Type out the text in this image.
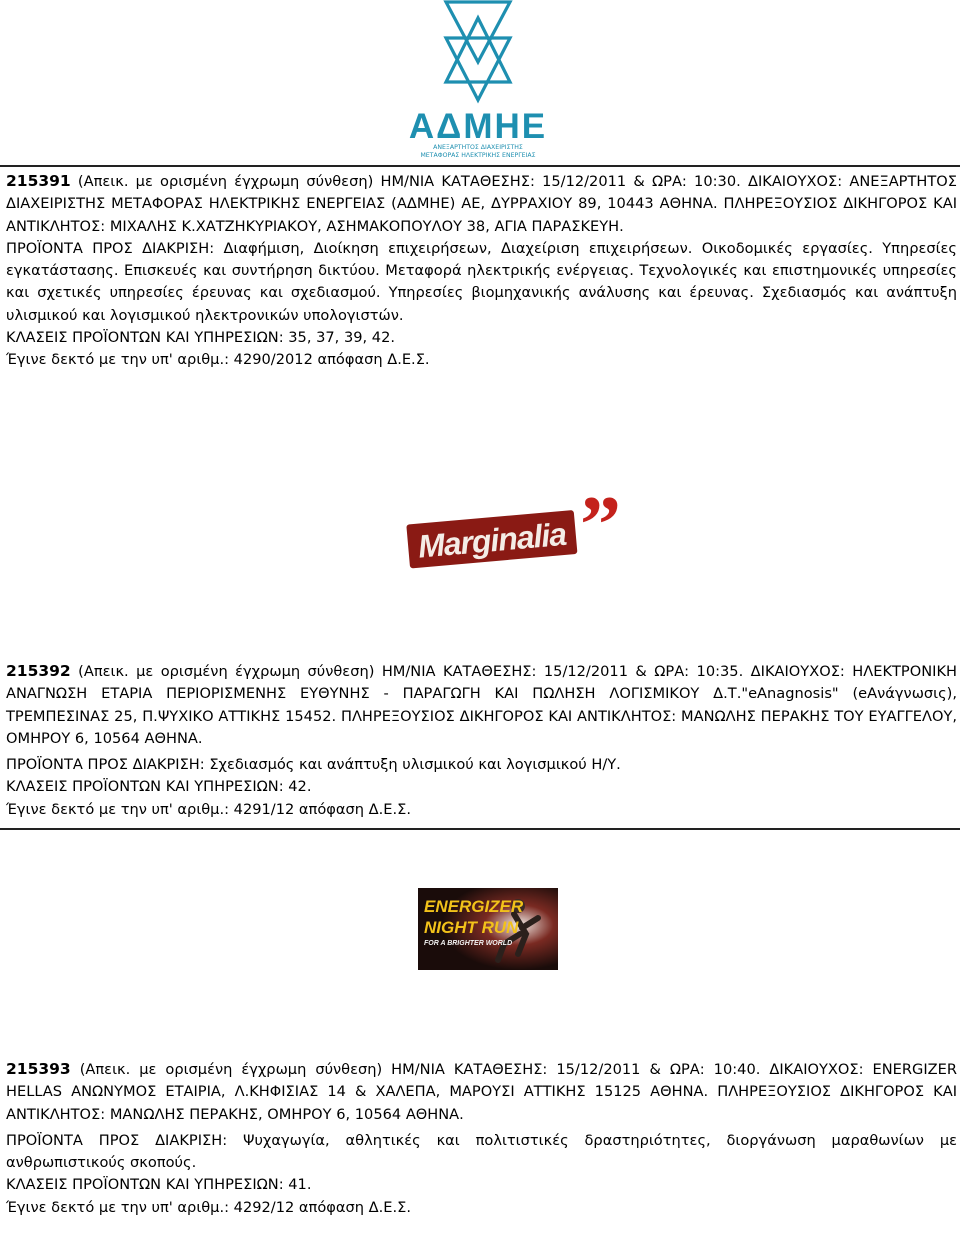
ΑΔΜΗΕ
ΑΝΕΞΑΡΤΗΤΟΣ ΔΙΑΧΕΙΡΙΣΤΗΣ
ΜΕΤΑΦΟΡΑΣ ΗΛΕΚΤΡΙΚΗΣ ΕΝΕΡΓΕΙΑΣ

215391 (Απεικ. με ορισμένη έγχρωμη σύνθεση) ΗΜ/ΝΙΑ ΚΑΤΑΘΕΣΗΣ: 15/12/2011 & ΩΡΑ: 10:30. ΔΙΚΑΙΟΥΧΟΣ: ΑΝΕΞΑΡΤΗΤΟΣ ΔΙΑΧΕΙΡΙΣΤΗΣ ΜΕΤΑΦΟΡΑΣ ΗΛΕΚΤΡΙΚΗΣ ΕΝΕΡΓΕΙΑΣ (ΑΔΜΗΕ) ΑΕ, ΔΥΡΡΑΧΙΟΥ 89, 10443 ΑΘΗΝΑ. ΠΛΗΡΕΞΟΥΣΙΟΣ ΔΙΚΗΓΟΡΟΣ ΚΑΙ ΑΝΤΙΚΛΗΤΟΣ: ΜΙΧΑΛΗΣ Κ.ΧΑΤΖΗΚΥΡΙΑΚΟΥ, ΑΣΗΜΑΚΟΠΟΥΛΟΥ 38, ΑΓΙΑ ΠΑΡΑΣΚΕΥΗ.

ΠΡΟΪΟΝΤΑ ΠΡΟΣ ΔΙΑΚΡΙΣΗ: Διαφήμιση, Διοίκηση επιχειρήσεων, Διαχείριση επιχειρήσεων. Οικοδομικές εργασίες. Υπηρεσίες εγκατάστασης. Επισκευές και συντήρηση δικτύου. Μεταφορά ηλεκτρικής ενέργειας. Τεχνολογικές και επιστημονικές υπηρεσίες και σχετικές υπηρεσίες έρευνας και σχεδιασμού. Υπηρεσίες βιομηχανικής ανάλυσης και έρευνας. Σχεδιασμός και ανάπτυξη υλισμικού και λογισμικού ηλεκτρονικών υπολογιστών.

ΚΛΑΣΕΙΣ ΠΡΟΪΟΝΤΩΝ ΚΑΙ ΥΠΗΡΕΣΙΩΝ: 35, 37, 39, 42.

Έγινε δεκτό με την υπ' αριθμ.: 4290/2012 απόφαση Δ.Ε.Σ.

Marginalia ”

215392 (Απεικ. με ορισμένη έγχρωμη σύνθεση) ΗΜ/ΝΙΑ ΚΑΤΑΘΕΣΗΣ: 15/12/2011 & ΩΡΑ: 10:35. ΔΙΚΑΙΟΥΧΟΣ: ΗΛΕΚΤΡΟΝΙΚΗ ΑΝΑΓΝΩΣΗ ΕΤΑΡΙΑ ΠΕΡΙΟΡΙΣΜΕΝΗΣ ΕΥΘΥΝΗΣ - ΠΑΡΑΓΩΓΗ ΚΑΙ ΠΩΛΗΣΗ ΛΟΓΙΣΜΙΚΟΥ Δ.Τ."eAnagnosis" (eΑνάγνωσις), ΤΡΕΜΠΕΣΙΝΑΣ 25, Π.ΨΥΧΙΚΟ ΑΤΤΙΚΗΣ 15452. ΠΛΗΡΕΞΟΥΣΙΟΣ ΔΙΚΗΓΟΡΟΣ ΚΑΙ ΑΝΤΙΚΛΗΤΟΣ: ΜΑΝΩΛΗΣ ΠΕΡΑΚΗΣ ΤΟΥ ΕΥΑΓΓΕΛΟΥ, ΟΜΗΡΟΥ 6, 10564 ΑΘΗΝΑ.

ΠΡΟΪΟΝΤΑ ΠΡΟΣ ΔΙΑΚΡΙΣΗ: Σχεδιασμός και ανάπτυξη υλισμικού και λογισμικού Η/Υ.

ΚΛΑΣΕΙΣ ΠΡΟΪΟΝΤΩΝ ΚΑΙ ΥΠΗΡΕΣΙΩΝ: 42.

Έγινε δεκτό με την υπ' αριθμ.: 4291/12 απόφαση Δ.Ε.Σ.

ENERGIZER
NIGHT RUN
FOR A BRIGHTER WORLD

215393 (Απεικ. με ορισμένη έγχρωμη σύνθεση) ΗΜ/ΝΙΑ ΚΑΤΑΘΕΣΗΣ: 15/12/2011 & ΩΡΑ: 10:40. ΔΙΚΑΙΟΥΧΟΣ: ENERGIZER HELLAS ΑΝΩΝΥΜΟΣ ΕΤΑΙΡΙΑ, Λ.ΚΗΦΙΣΙΑΣ 14 & ΧΑΛΕΠΑ, ΜΑΡΟΥΣΙ ΑΤΤΙΚΗΣ 15125 ΑΘΗΝΑ. ΠΛΗΡΕΞΟΥΣΙΟΣ ΔΙΚΗΓΟΡΟΣ ΚΑΙ ΑΝΤΙΚΛΗΤΟΣ: ΜΑΝΩΛΗΣ ΠΕΡΑΚΗΣ, ΟΜΗΡΟΥ 6, 10564 ΑΘΗΝΑ.

ΠΡΟΪΟΝΤΑ ΠΡΟΣ ΔΙΑΚΡΙΣΗ: Ψυχαγωγία, αθλητικές και πολιτιστικές δραστηριότητες, διοργάνωση μαραθωνίων με ανθρωπιστικούς σκοπούς.

ΚΛΑΣΕΙΣ ΠΡΟΪΟΝΤΩΝ ΚΑΙ ΥΠΗΡΕΣΙΩΝ: 41.

Έγινε δεκτό με την υπ' αριθμ.: 4292/12 απόφαση Δ.Ε.Σ.
